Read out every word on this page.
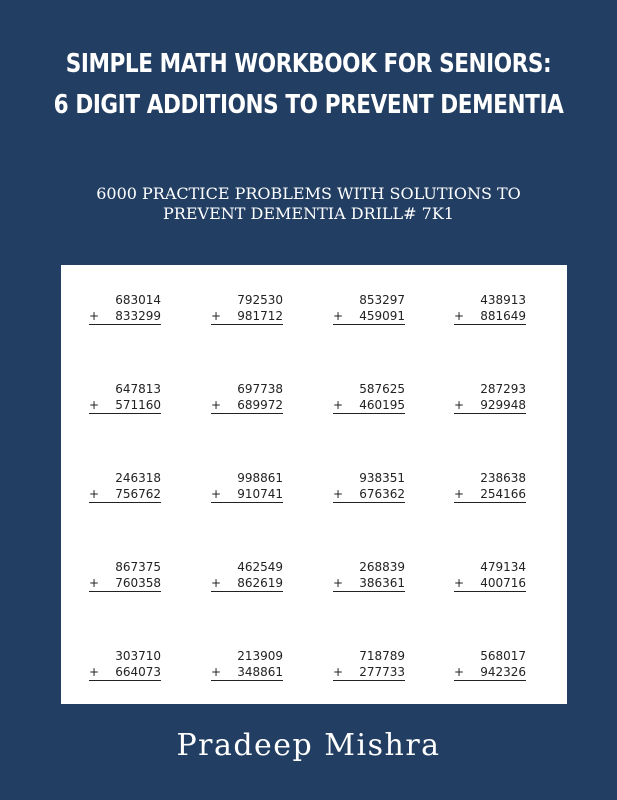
SIMPLE MATH WORKBOOK FOR SENIORS:
6 DIGIT ADDITIONS TO PREVENT DEMENTIA
6000 PRACTICE PROBLEMS WITH SOLUTIONS TO
PREVENT DEMENTIA DRILL# 7K1
683014
+ 833299
792530
+ 981712
853297
+ 459091
438913
+ 881649
647813
+ 571160
697738
+ 689972
587625
+ 460195
287293
+ 929948
246318
+ 756762
998861
+ 910741
938351
+ 676362
238638
+ 254166
867375
+ 760358
462549
+ 862619
268839
+ 386361
479134
+ 400716
303710
+ 664073
213909
+ 348861
718789
+ 277733
568017
+ 942326
Pradeep Mishra
